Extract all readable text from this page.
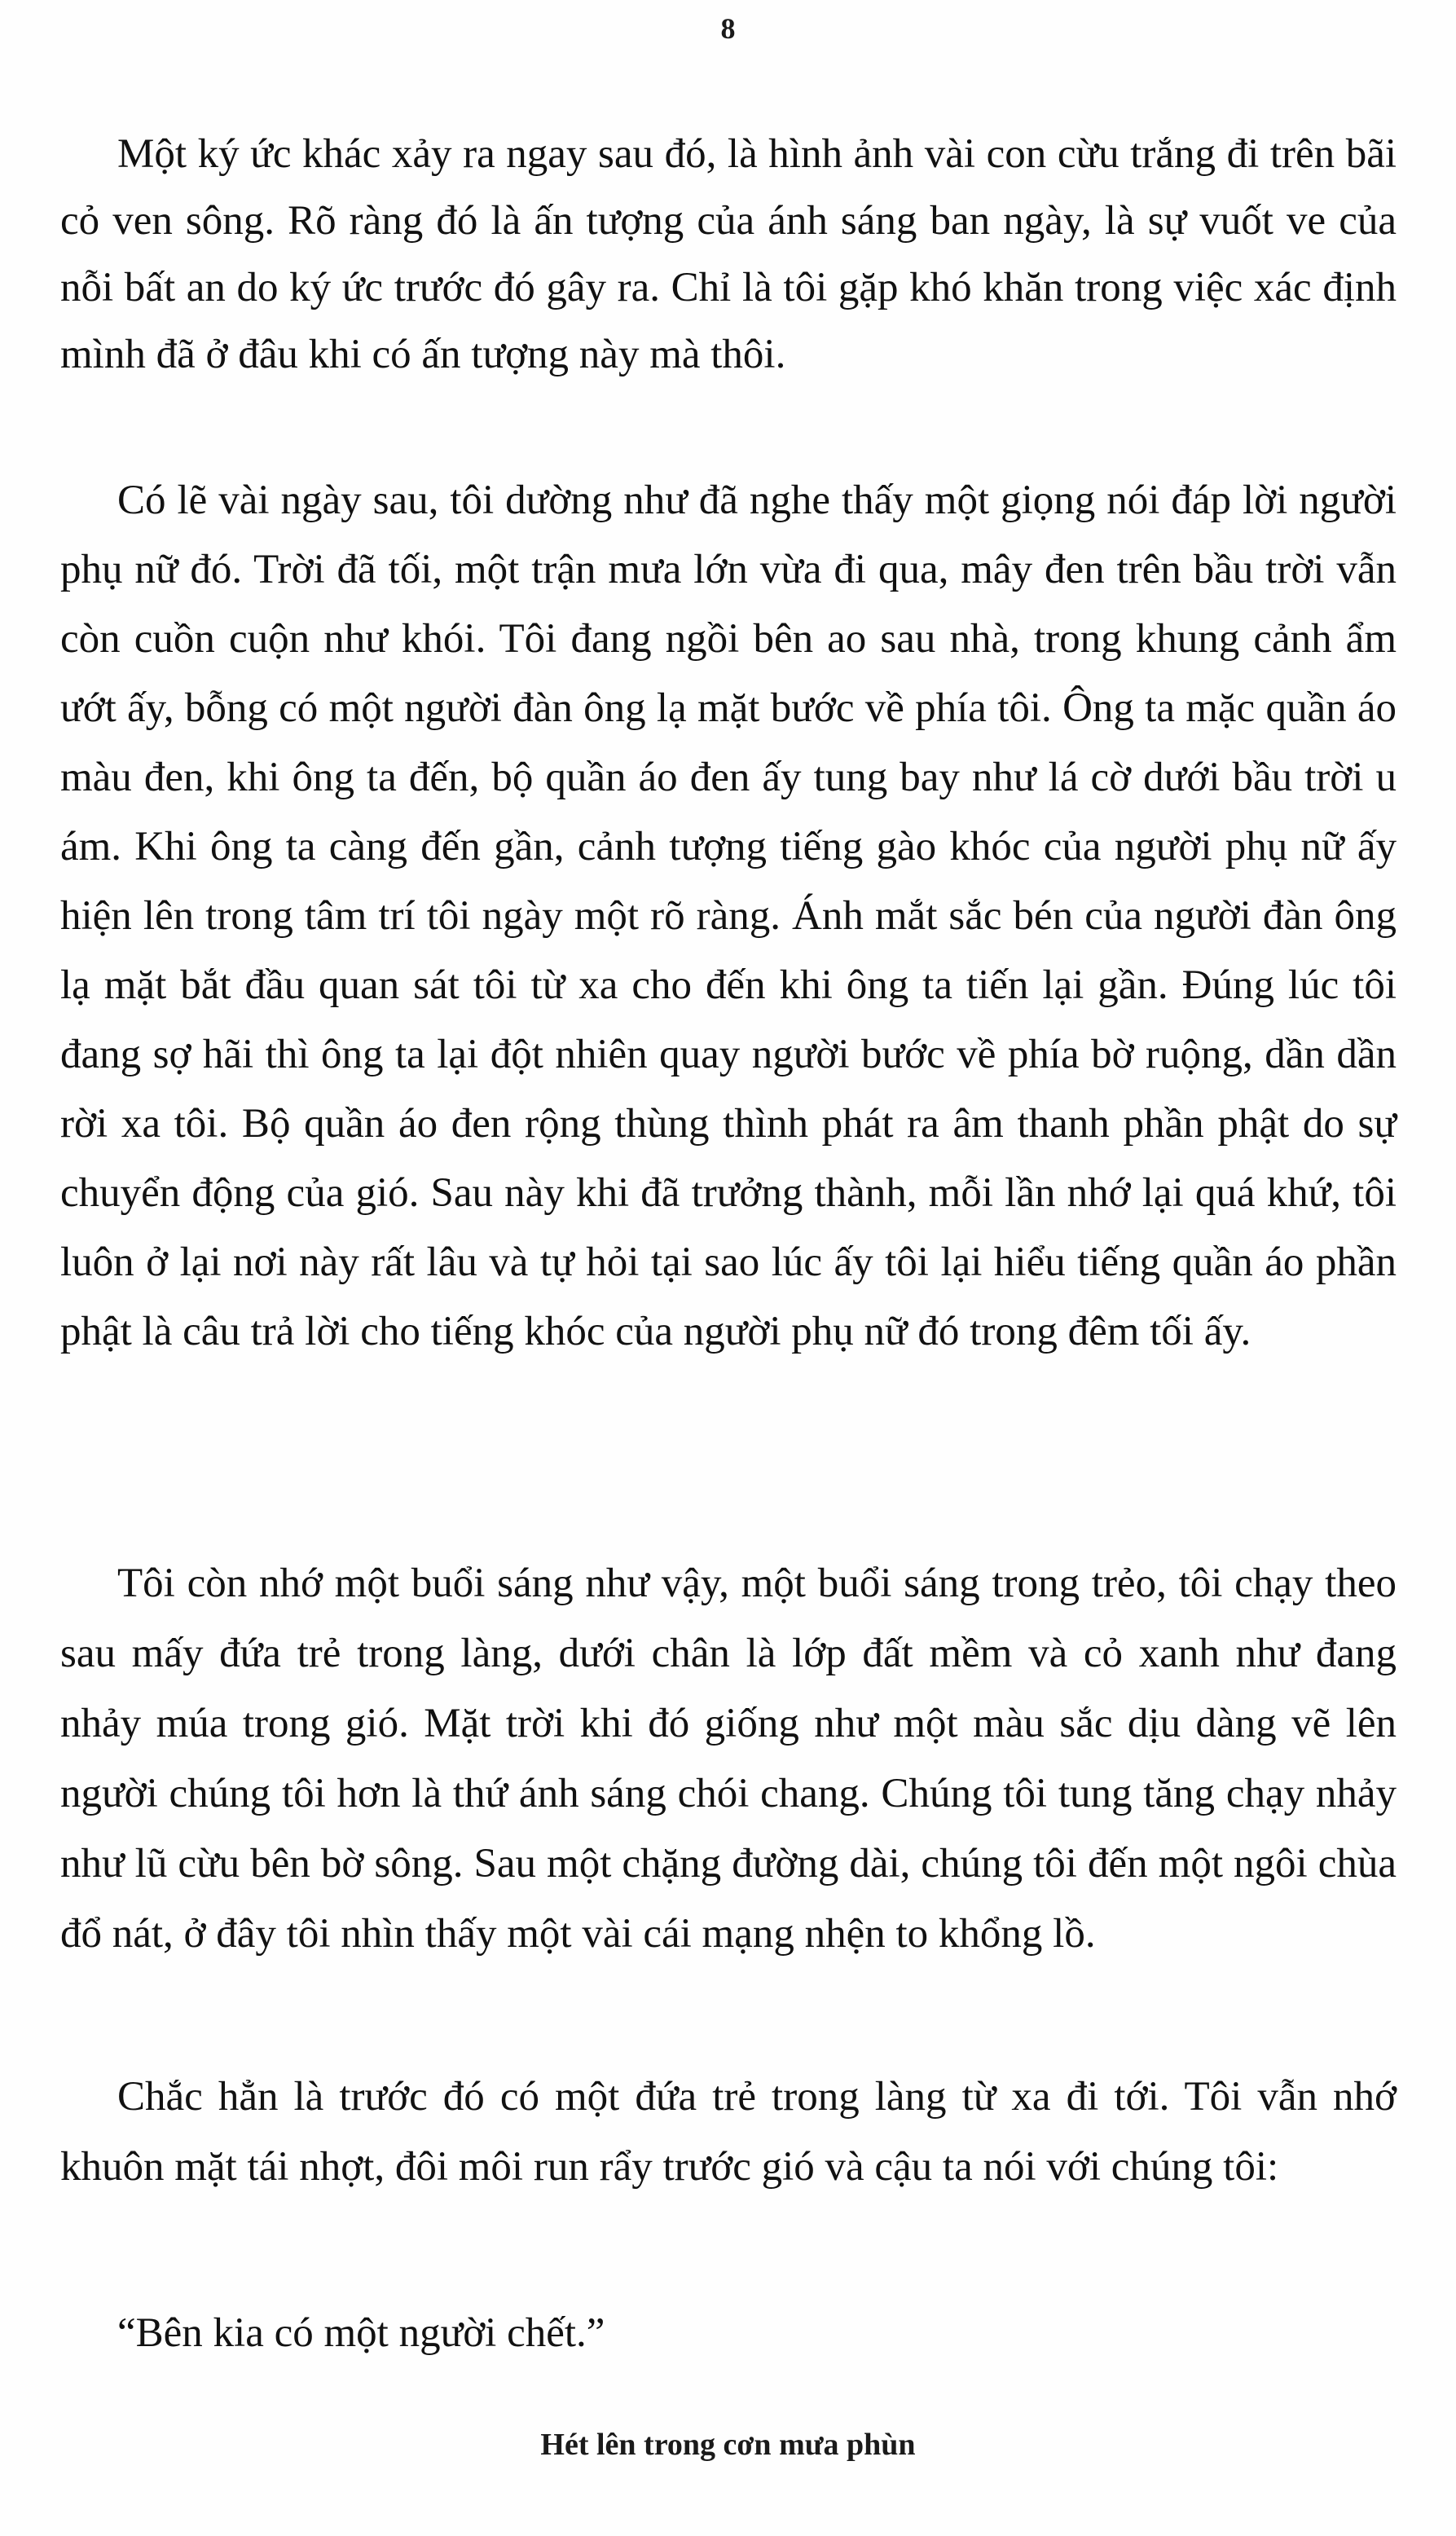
8

Một ký ức khác xảy ra ngay sau đó, là hình ảnh vài con cừu trắng đi trên bãi cỏ ven sông. Rõ ràng đó là ấn tượng của ánh sáng ban ngày, là sự vuốt ve của nỗi bất an do ký ức trước đó gây ra. Chỉ là tôi gặp khó khăn trong việc xác định mình đã ở đâu khi có ấn tượng này mà thôi.

Có lẽ vài ngày sau, tôi dường như đã nghe thấy một giọng nói đáp lời người phụ nữ đó. Trời đã tối, một trận mưa lớn vừa đi qua, mây đen trên bầu trời vẫn còn cuồn cuộn như khói. Tôi đang ngồi bên ao sau nhà, trong khung cảnh ẩm ướt ấy, bỗng có một người đàn ông lạ mặt bước về phía tôi. Ông ta mặc quần áo màu đen, khi ông ta đến, bộ quần áo đen ấy tung bay như lá cờ dưới bầu trời u ám. Khi ông ta càng đến gần, cảnh tượng tiếng gào khóc của người phụ nữ ấy hiện lên trong tâm trí tôi ngày một rõ ràng. Ánh mắt sắc bén của người đàn ông lạ mặt bắt đầu quan sát tôi từ xa cho đến khi ông ta tiến lại gần. Đúng lúc tôi đang sợ hãi thì ông ta lại đột nhiên quay người bước về phía bờ ruộng, dần dần rời xa tôi. Bộ quần áo đen rộng thùng thình phát ra âm thanh phần phật do sự chuyển động của gió. Sau này khi đã trưởng thành, mỗi lần nhớ lại quá khứ, tôi luôn ở lại nơi này rất lâu và tự hỏi tại sao lúc ấy tôi lại hiểu tiếng quần áo phần phật là câu trả lời cho tiếng khóc của người phụ nữ đó trong đêm tối ấy.

Tôi còn nhớ một buổi sáng như vậy, một buổi sáng trong trẻo, tôi chạy theo sau mấy đứa trẻ trong làng, dưới chân là lớp đất mềm và cỏ xanh như đang nhảy múa trong gió. Mặt trời khi đó giống như một màu sắc dịu dàng vẽ lên người chúng tôi hơn là thứ ánh sáng chói chang. Chúng tôi tung tăng chạy nhảy như lũ cừu bên bờ sông. Sau một chặng đường dài, chúng tôi đến một ngôi chùa đổ nát, ở đây tôi nhìn thấy một vài cái mạng nhện to khổng lồ.

Chắc hẳn là trước đó có một đứa trẻ trong làng từ xa đi tới. Tôi vẫn nhớ khuôn mặt tái nhợt, đôi môi run rẩy trước gió và cậu ta nói với chúng tôi:

“Bên kia có một người chết.”

Hét lên trong cơn mưa phùn
